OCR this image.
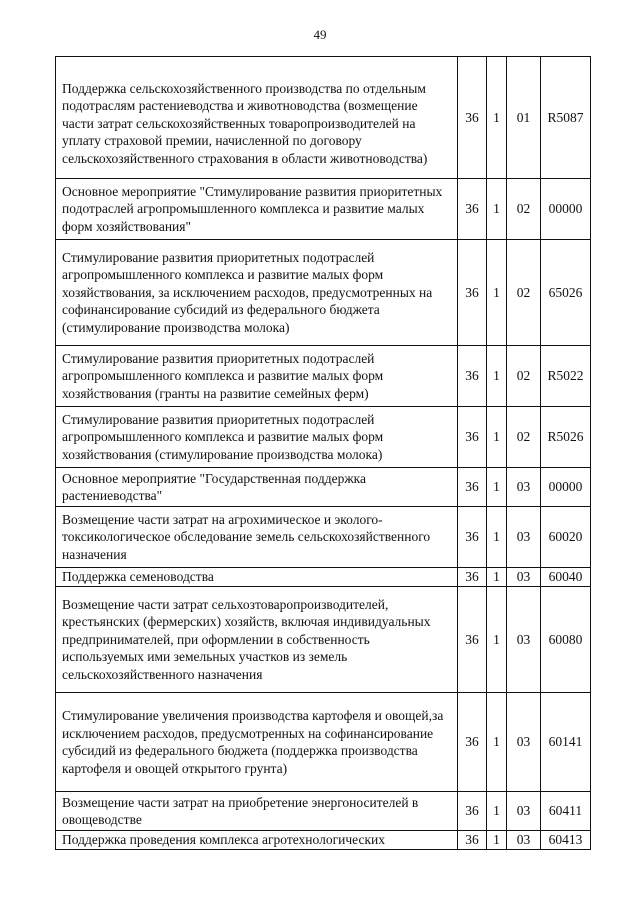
49
Поддержка сельскохозяйственного производства по отдельным подотраслям растениеводства и животноводства (возмещение части затрат сельскохозяйственных товаропроизводителей на уплату страховой премии, начисленной по договору сельскохозяйственного страхования в области животноводства)	36	1	01	R5087

Основное мероприятие "Стимулирование развития приоритетных подотраслей агропромышленного комплекса и развитие малых форм хозяйствования"	36	1	02	00000

Стимулирование развития приоритетных подотраслей агропромышленного комплекса и развитие малых форм хозяйствования, за исключением расходов, предусмотренных на софинансирование субсидий из федерального бюджета (стимулирование производства молока)	36	1	02	65026

Стимулирование развития приоритетных подотраслей агропромышленного комплекса и развитие малых форм хозяйствования (гранты на развитие семейных ферм)	36	1	02	R5022

Стимулирование развития приоритетных подотраслей агропромышленного комплекса и развитие малых форм хозяйствования (стимулирование производства молока)	36	1	02	R5026

Основное мероприятие "Государственная поддержка растениеводства"	36	1	03	00000

Возмещение части затрат на агрохимическое и эколого-токсикологическое обследование земель сельскохозяйственного назначения	36	1	03	60020

Поддержка семеноводства	36	1	03	60040

Возмещение части затрат сельхозтоваропроизводителей, крестьянских (фермерских) хозяйств, включая индивидуальных предпринимателей, при оформлении в собственность используемых ими земельных участков из земель сельскохозяйственного назначения	36	1	03	60080

Стимулирование увеличения производства картофеля и овощей,за исключением расходов, предусмотренных на софинансирование субсидий из федерального бюджета (поддержка производства картофеля и овощей открытого грунта)	36	1	03	60141

Возмещение части затрат на приобретение энергоносителей в овощеводстве	36	1	03	60411

Поддержка проведения комплекса агротехнологических	36	1	03	60413
